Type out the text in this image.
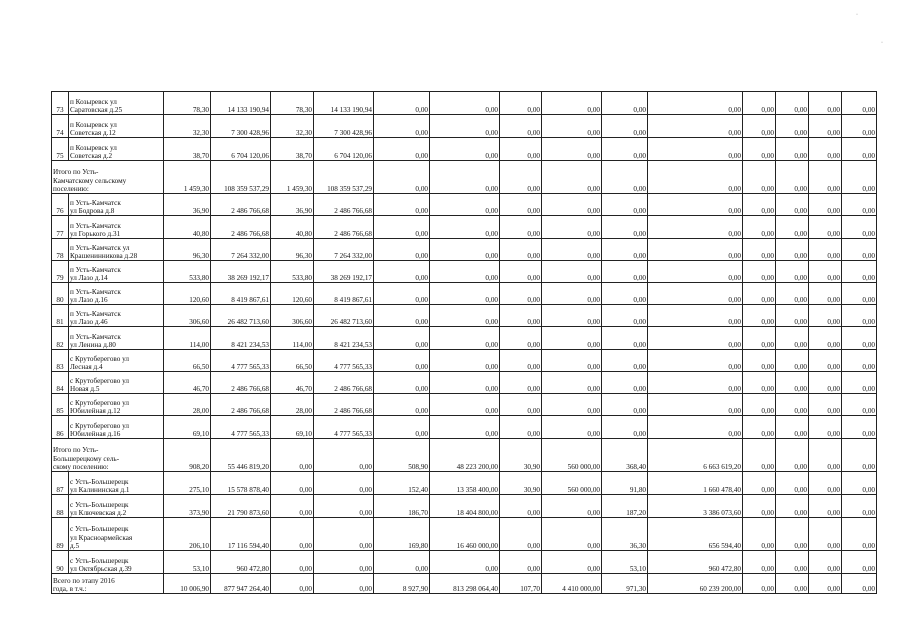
·
·
73	п Козыревск ул
Саратовская д.25	78,30	14 133 190,94	78,30	14 133 190,94	0,00	0,00	0,00	0,00	0,00	0,00	0,00	0,00	0,00	0,00
74	п Козыревск ул
Советская д.12	32,30	7 300 428,96	32,30	7 300 428,96	0,00	0,00	0,00	0,00	0,00	0,00	0,00	0,00	0,00	0,00
75	п Козыревск ул
Советская д.2	38,70	6 704 120,06	38,70	6 704 120,06	0,00	0,00	0,00	0,00	0,00	0,00	0,00	0,00	0,00	0,00

Итого по Усть-
Камчатскому сельскому
поселению:		1 459,30	108 359 537,29	1 459,30	108 359 537,29	0,00	0,00	0,00	0,00	0,00	0,00	0,00	0,00	0,00	0,00
76	п Усть-Камчатск
ул Бодрова д.8	36,90	2 486 766,68	36,90	2 486 766,68	0,00	0,00	0,00	0,00	0,00	0,00	0,00	0,00	0,00	0,00
77	п Усть-Камчатск
ул Горького д.31	40,80	2 486 766,68	40,80	2 486 766,68	0,00	0,00	0,00	0,00	0,00	0,00	0,00	0,00	0,00	0,00
78	п Усть-Камчатск ул
Крашенинникова д.28	96,30	7 264 332,00	96,30	7 264 332,00	0,00	0,00	0,00	0,00	0,00	0,00	0,00	0,00	0,00	0,00
79	п Усть-Камчатск
ул Лазо д.14	533,80	38 269 192,17	533,80	38 269 192,17	0,00	0,00	0,00	0,00	0,00	0,00	0,00	0,00	0,00	0,00
80	п Усть-Камчатск
ул Лазо д.16	120,60	8 419 867,61	120,60	8 419 867,61	0,00	0,00	0,00	0,00	0,00	0,00	0,00	0,00	0,00	0,00
81	п Усть-Камчатск
ул Лазо д.46	306,60	26 482 713,60	306,60	26 482 713,60	0,00	0,00	0,00	0,00	0,00	0,00	0,00	0,00	0,00	0,00
82	п Усть-Камчатск
ул Ленина д.80	114,00	8 421 234,53	114,00	8 421 234,53	0,00	0,00	0,00	0,00	0,00	0,00	0,00	0,00	0,00	0,00
83	с Крутоберегово ул
Лесная д.4	66,50	4 777 565,33	66,50	4 777 565,33	0,00	0,00	0,00	0,00	0,00	0,00	0,00	0,00	0,00	0,00
84	с Крутоберегово ул
Новая д.5	46,70	2 486 766,68	46,70	2 486 766,68	0,00	0,00	0,00	0,00	0,00	0,00	0,00	0,00	0,00	0,00
85	с Крутоберегово ул
Юбилейная д.12	28,00	2 486 766,68	28,00	2 486 766,68	0,00	0,00	0,00	0,00	0,00	0,00	0,00	0,00	0,00	0,00
86	с Крутоберегово ул
Юбилейная д.16	69,10	4 777 565,33	69,10	4 777 565,33	0,00	0,00	0,00	0,00	0,00	0,00	0,00	0,00	0,00	0,00

Итого по Усть-
Большерецкому сель-
скому поселению:		908,20	55 446 819,20	0,00	0,00	508,90	48 223 200,00	30,90	560 000,00	368,40	6 663 619,20	0,00	0,00	0,00	0,00
87	с Усть-Большерецк
ул Калининская д.1	275,10	15 578 878,40	0,00	0,00	152,40	13 358 400,00	30,90	560 000,00	91,80	1 660 478,40	0,00	0,00	0,00	0,00
88	с Усть-Большерецк
ул Ключевская д.2	373,90	21 790 873,60	0,00	0,00	186,70	18 404 800,00	0,00	0,00	187,20	3 386 073,60	0,00	0,00	0,00	0,00
89	с Усть-Большерецк
ул Красноармейская
д.5	206,10	17 116 594,40	0,00	0,00	169,80	16 460 000,00	0,00	0,00	36,30	656 594,40	0,00	0,00	0,00	0,00
90	с Усть-Большерецк
ул Октябрьская д.39	53,10	960 472,80	0,00	0,00	0,00	0,00	0,00	0,00	53,10	960 472,80	0,00	0,00	0,00	0,00

Всего по этапу 2016
года, в т.ч.:		10 006,90	877 947 264,40	0,00	0,00	8 927,90	813 298 064,40	107,70	4 410 000,00	971,30	60 239 200,00	0,00	0,00	0,00	0,00
